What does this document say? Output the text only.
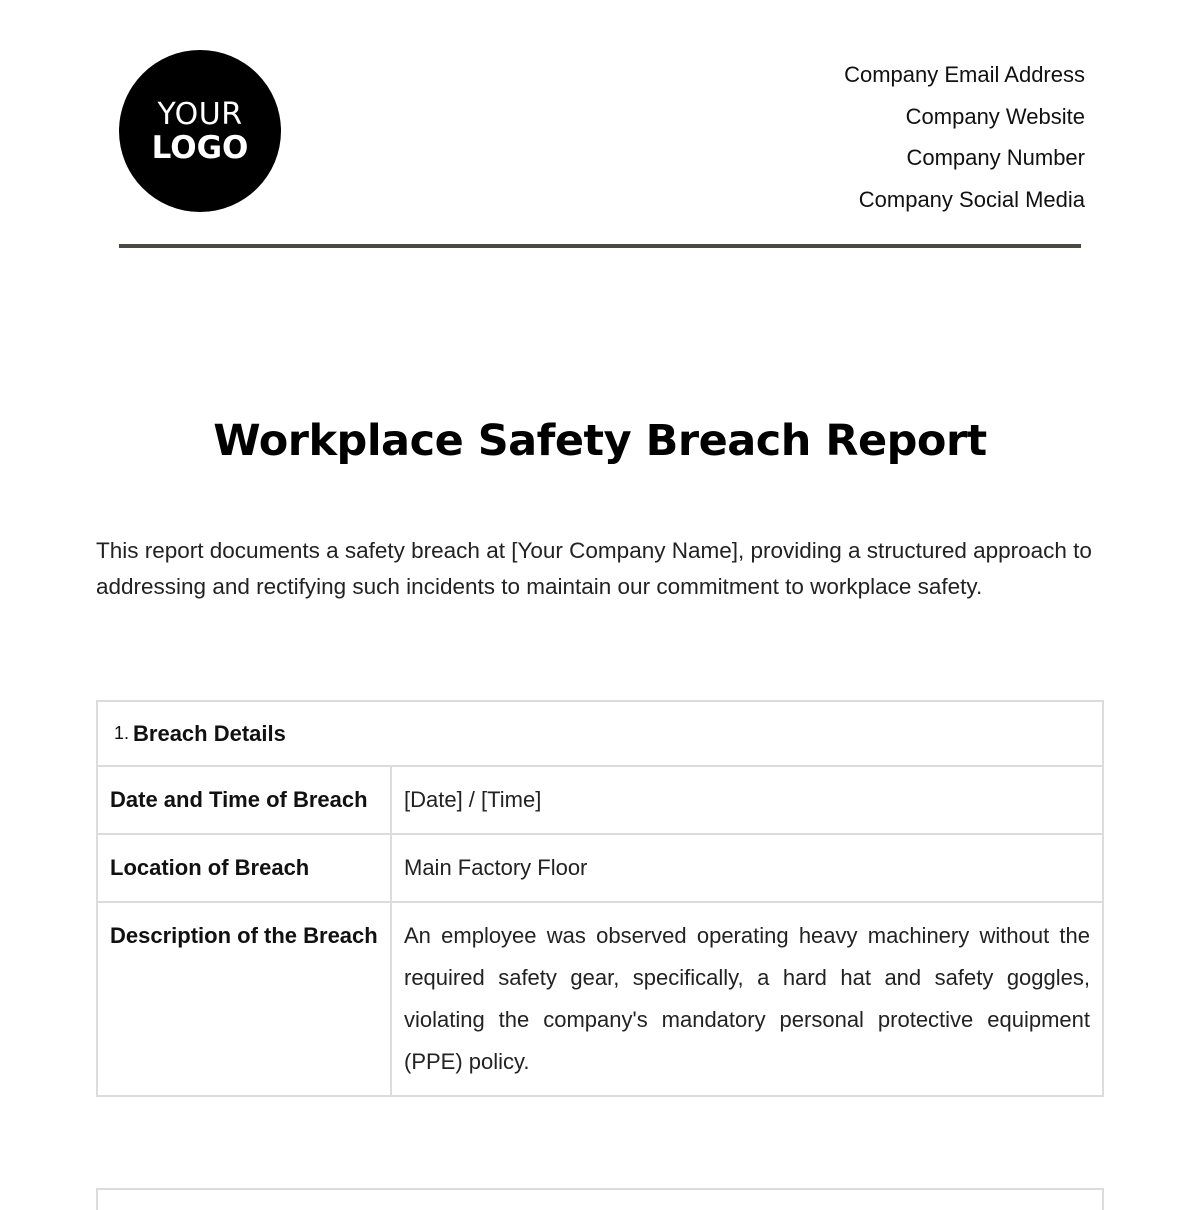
YOUR
LOGO
Company Email Address
Company Website
Company Number
Company Social Media
Workplace Safety Breach Report
This report documents a safety breach at [Your Company Name], providing a structured approach to addressing and rectifying such incidents to maintain our commitment to workplace safety.
1. Breach Details	
Date and Time of Breach	[Date] / [Time]
Location of Breach	Main Factory Floor
Description of the Breach	An employee was observed operating heavy machinery without the required safety gear, specifically, a hard hat and safety goggles, violating the company's mandatory personal protective equipment (PPE) policy.
